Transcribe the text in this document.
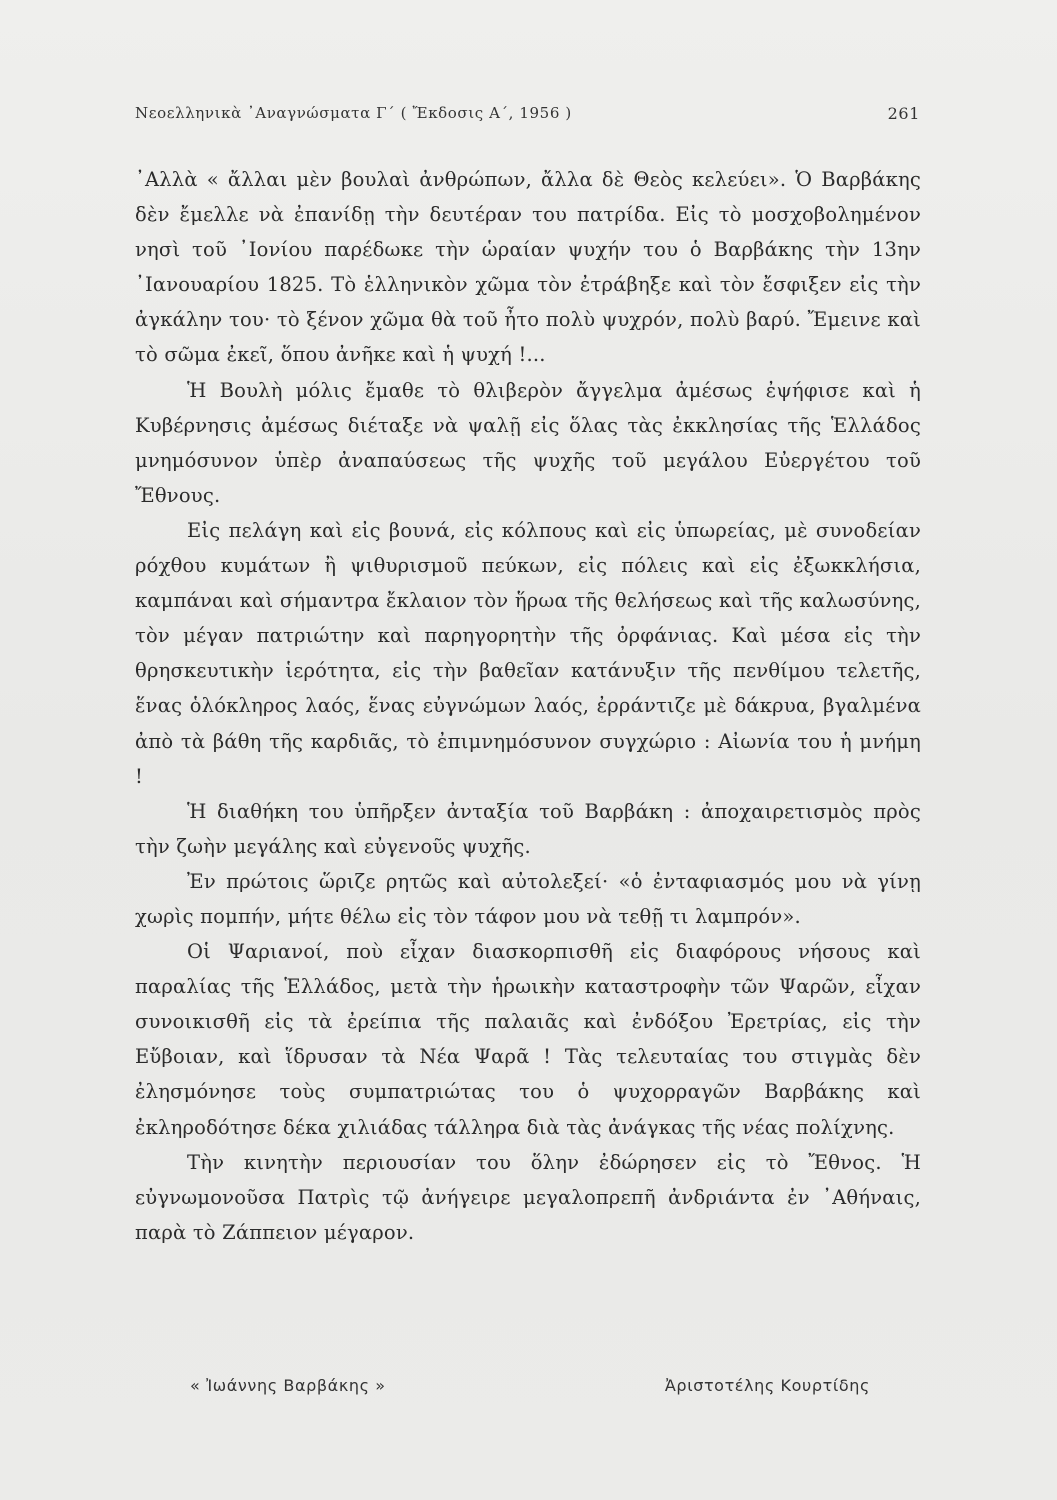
Νεοελληνικὰ ᾿Αναγνώσματα Γ΄ ( Ἔκδοσις Α΄, 1956 )	261

᾿Αλλὰ « ἄλλαι μὲν βουλαὶ ἀνθρώπων, ἄλλα δὲ Θεὸς κελεύει». Ὁ Βαρβάκης δὲν ἔμελλε νὰ ἐπανίδῃ τὴν δευτέραν του πατρίδα. Εἰς τὸ μοσχοβολημένον νησὶ τοῦ ᾿Ιονίου παρέδωκε τὴν ὡραίαν ψυχήν του ὁ Βαρβάκης τὴν 13ην ᾿Ιανουαρίου 1825. Τὸ ἑλληνικὸν χῶμα τὸν ἐτράβηξε καὶ τὸν ἔσφιξεν εἰς τὴν ἀγκάλην του· τὸ ξένον χῶμα θὰ τοῦ ἦτο πολὺ ψυχρόν, πολὺ βαρύ. Ἔμεινε καὶ τὸ σῶμα ἐκεῖ, ὅπου ἀνῆκε καὶ ἡ ψυχή !...

Ἡ Βουλὴ μόλις ἔμαθε τὸ θλιβερὸν ἄγγελμα ἀμέσως ἐψήφισε καὶ ἡ Κυβέρνησις ἀμέσως διέταξε νὰ ψαλῇ εἰς ὅλας τὰς ἐκκλησίας τῆς Ἑλλάδος μνημόσυνον ὑπὲρ ἀναπαύσεως τῆς ψυχῆς τοῦ μεγάλου Εὐεργέτου τοῦ Ἔθνους.

Εἰς πελάγη καὶ εἰς βουνά, εἰς κόλπους καὶ εἰς ὑπωρείας, μὲ συνοδείαν ρόχθου κυμάτων ἢ ψιθυρισμοῦ πεύκων, εἰς πόλεις καὶ εἰς ἐξωκκλήσια, καμπάναι καὶ σήμαντρα ἔκλαιον τὸν ἥρωα τῆς θελήσεως καὶ τῆς καλωσύνης, τὸν μέγαν πατριώτην καὶ παρηγορητὴν τῆς ὀρφάνιας. Καὶ μέσα εἰς τὴν θρησκευτικὴν ἱερότητα, εἰς τὴν βαθεῖαν κατάνυξιν τῆς πενθίμου τελετῆς, ἕνας ὁλόκληρος λαός, ἕνας εὐγνώμων λαός, ἐρράντιζε μὲ δάκρυα, βγαλμένα ἀπὸ τὰ βάθη τῆς καρδιᾶς, τὸ ἐπιμνημόσυνον συγχώριο : Αἰωνία του ἡ μνήμη !

Ἡ διαθήκη του ὑπῆρξεν ἀνταξία τοῦ Βαρβάκη : ἀποχαιρετισμὸς πρὸς τὴν ζωὴν μεγάλης καὶ εὐγενοῦς ψυχῆς.

Ἐν πρώτοις ὥριζε ρητῶς καὶ αὐτολεξεί· «ὁ ἐνταφιασμός μου νὰ γίνῃ χωρὶς πομπήν, μήτε θέλω εἰς τὸν τάφον μου νὰ τεθῇ τι λαμπρόν».

Οἱ Ψαριανοί, ποὺ εἶχαν διασκορπισθῆ εἰς διαφόρους νήσους καὶ παραλίας τῆς Ἑλλάδος, μετὰ τὴν ἡρωικὴν καταστροφὴν τῶν Ψαρῶν, εἶχαν συνοικισθῆ εἰς τὰ ἐρείπια τῆς παλαιᾶς καὶ ἐνδόξου Ἐρετρίας, εἰς τὴν Εὔβοιαν, καὶ ἵδρυσαν τὰ Νέα Ψαρᾶ ! Τὰς τελευταίας του στιγμὰς δὲν ἐλησμόνησε τοὺς συμπατριώτας του ὁ ψυχορραγῶν Βαρβάκης καὶ ἐκληροδότησε δέκα χιλιάδας τάλληρα διὰ τὰς ἀνάγκας τῆς νέας πολίχνης.

Τὴν κινητὴν περιουσίαν του ὅλην ἐδώρησεν εἰς τὸ Ἔθνος. Ἡ εὐγνωμονοῦσα Πατρὶς τῷ ἀνήγειρε μεγαλοπρεπῆ ἀνδριάντα ἐν ᾿Αθήναις, παρὰ τὸ Ζάππειον μέγαρον.

« Ἰωάννης Βαρβάκης »	Ἀριστοτέλης Κουρτίδης
